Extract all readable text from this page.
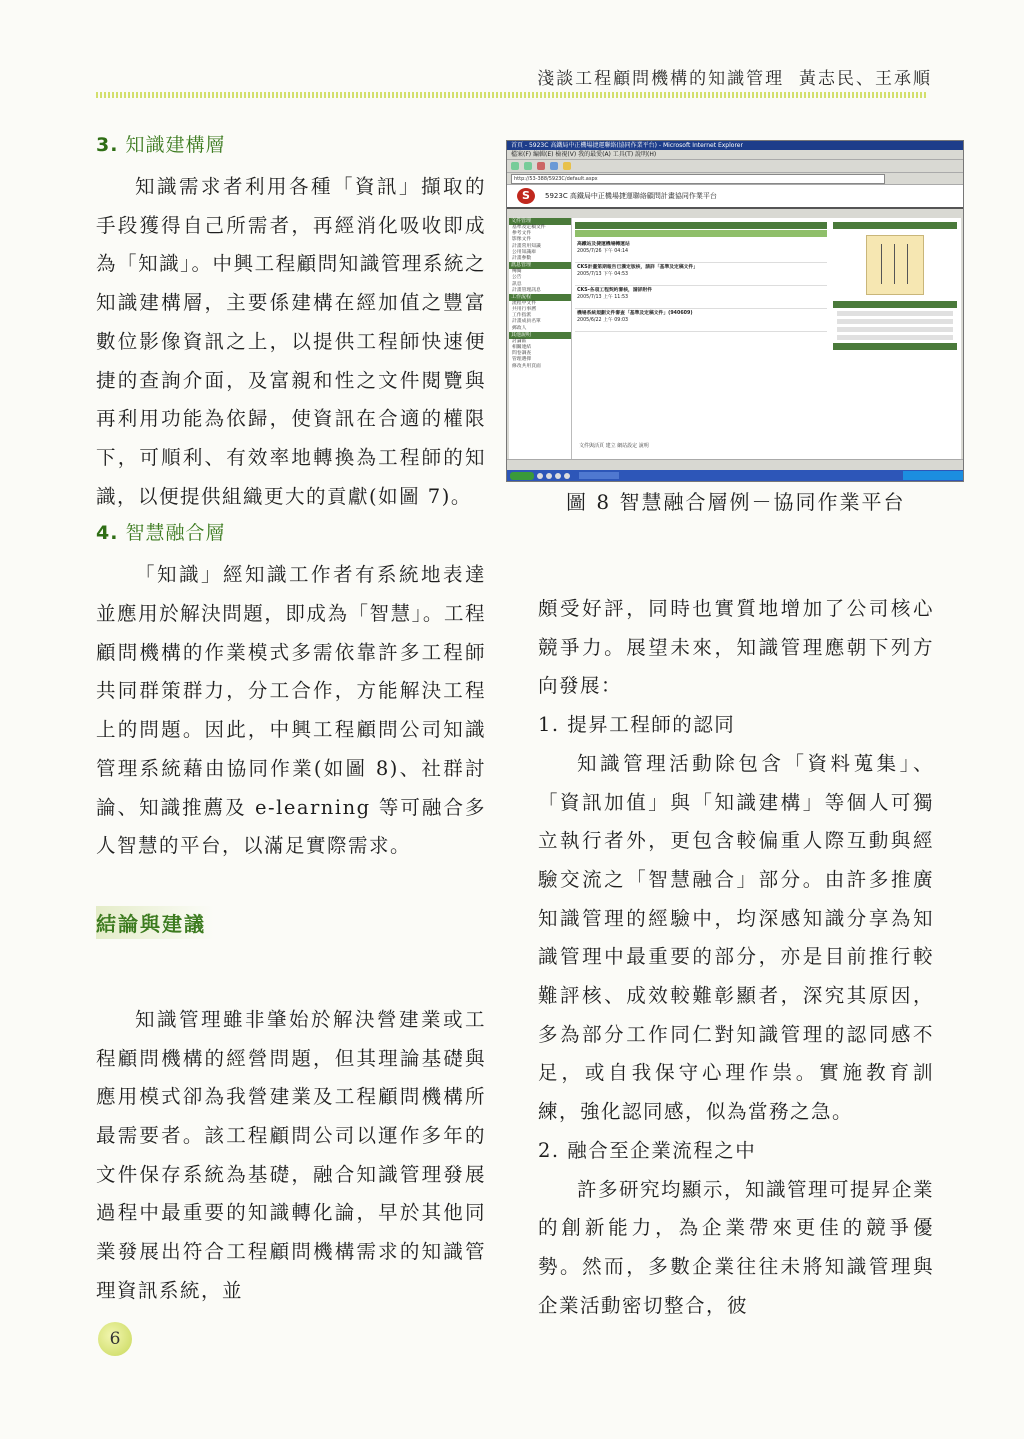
淺談工程顧問機構的知識管理 黃志民、王承順
3. 知識建構層

知識需求者利用各種「資訊」擷取的手段獲得自己所需者，再經消化吸收即成為「知識」。中興工程顧問知識管理系統之知識建構層，主要係建構在經加值之豐富數位影像資訊之上，以提供工程師快速便捷的查詢介面，及富親和性之文件閱覽與再利用功能為依歸，使資訊在合適的權限下，可順利、有效率地轉換為工程師的知識，以便提供組織更大的貢獻(如圖 7)。

4. 智慧融合層

「知識」經知識工作者有系統地表達並應用於解決問題，即成為「智慧」。工程顧問機構的作業模式多需依靠許多工程師共同群策群力，分工合作，方能解決工程上的問題。因此，中興工程顧問公司知識管理系統藉由協同作業(如圖 8)、社群討論、知識推薦及 e-learning 等可融合多人智慧的平台，以滿足實際需求。

結論與建議

知識管理雖非肇始於解決營建業或工程顧問機構的經營問題，但其理論基礎與應用模式卻為我營建業及工程顧問機構所最需要者。該工程顧問公司以運作多年的文件保存系統為基礎，融合知識管理發展過程中最重要的知識轉化論，早於其他同業發展出符合工程顧問機構需求的知識管理資訊系統，並

首頁 - 5923C 高鐵局中正機場捷運聯絡(協同作業平台) - Microsoft Internet Explorer
檔案(F) 編輯(E) 檢視(V) 我的最愛(A) 工具(T) 說明(H)
http://53-388/5923C/default.aspx
S	5923C 高鐵局中正機場捷運聯絡顧問計畫協同作業平台
文件管理
基準及定稿文件
參考文件
影像文件
計畫常用知識
公用知識庫
計畫參數
訊息管理
傳閱
公告
訊息
計畫管理訊息
工作流程
流程中文件
共用行事曆
工作指派
計畫成員名單
郵政人
其他說明
討論區
相關連結
問卷調查
管理選擇
修改共用頁面
高鐵站及捷運機場轉運站
2005/7/26 下午 04:14
CKS計畫第期報告已獲定版核，請詳「基準及定稿文件」
2005/7/13 下午 04:53
CKS-各項工程契約審核，請詳附件
2005/7/13 上午 11:53
機場系統規劃文件審查「基準及定稿文件」(940609)
2005/6/22 上午 09:03
文件與活頁 建立 網站設定 說明
圖 8 智慧融合層例－協同作業平台

頗受好評，同時也實質地增加了公司核心競爭力。展望未來，知識管理應朝下列方向發展：

1. 提昇工程師的認同

知識管理活動除包含「資料蒐集」、「資訊加值」與「知識建構」等個人可獨立執行者外，更包含較偏重人際互動與經驗交流之「智慧融合」部分。由許多推廣知識管理的經驗中，均深感知識分享為知識管理中最重要的部分，亦是目前推行較難評核、成效較難彰顯者，深究其原因，多為部分工作同仁對知識管理的認同感不足，或自我保守心理作祟。實施教育訓練，強化認同感，似為當務之急。

2. 融合至企業流程之中

許多研究均顯示，知識管理可提昇企業的創新能力，為企業帶來更佳的競爭優勢。然而，多數企業往往未將知識管理與企業活動密切整合，彼

6
